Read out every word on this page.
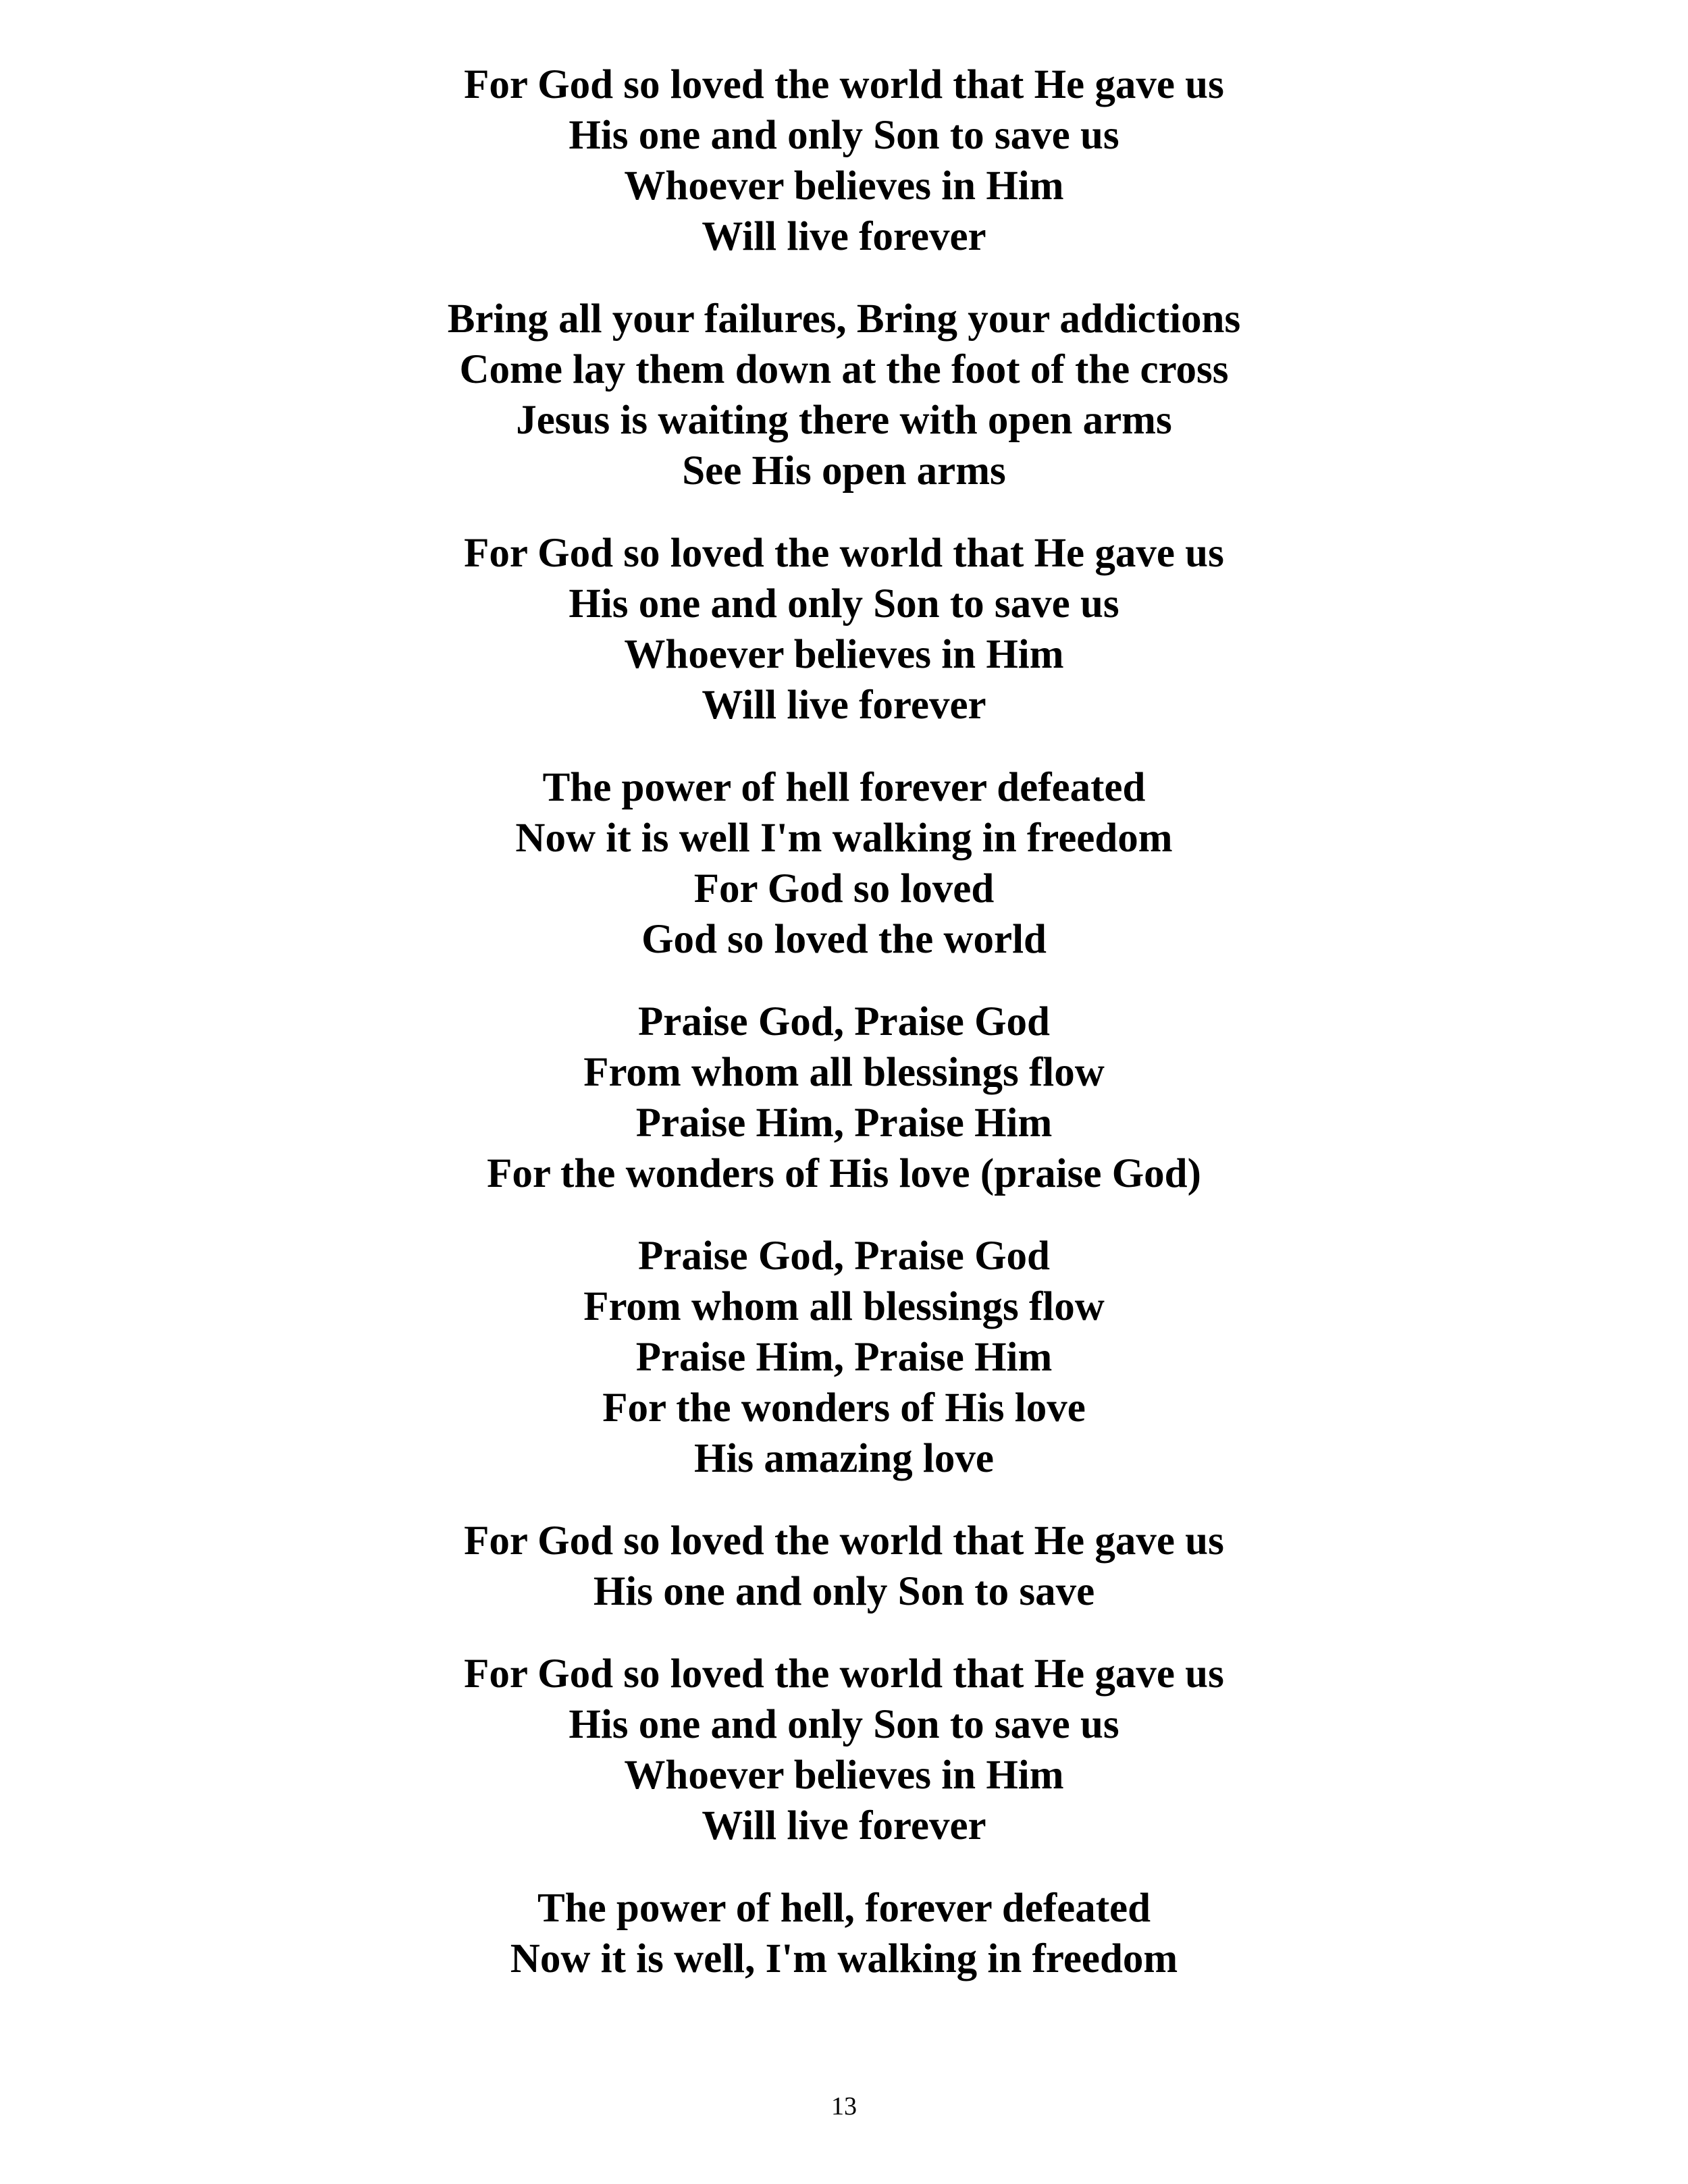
For God so loved the world that He gave us
His one and only Son to save us
Whoever believes in Him
Will live forever
Bring all your failures, Bring your addictions
Come lay them down at the foot of the cross
Jesus is waiting there with open arms
See His open arms
For God so loved the world that He gave us
His one and only Son to save us
Whoever believes in Him
Will live forever
The power of hell forever defeated
Now it is well I'm walking in freedom
For God so loved
God so loved the world
Praise God, Praise God
From whom all blessings flow
Praise Him, Praise Him
For the wonders of His love (praise God)
Praise God, Praise God
From whom all blessings flow
Praise Him, Praise Him
For the wonders of His love
His amazing love
For God so loved the world that He gave us
His one and only Son to save
For God so loved the world that He gave us
His one and only Son to save us
Whoever believes in Him
Will live forever
The power of hell, forever defeated
Now it is well, I'm walking in freedom
13
